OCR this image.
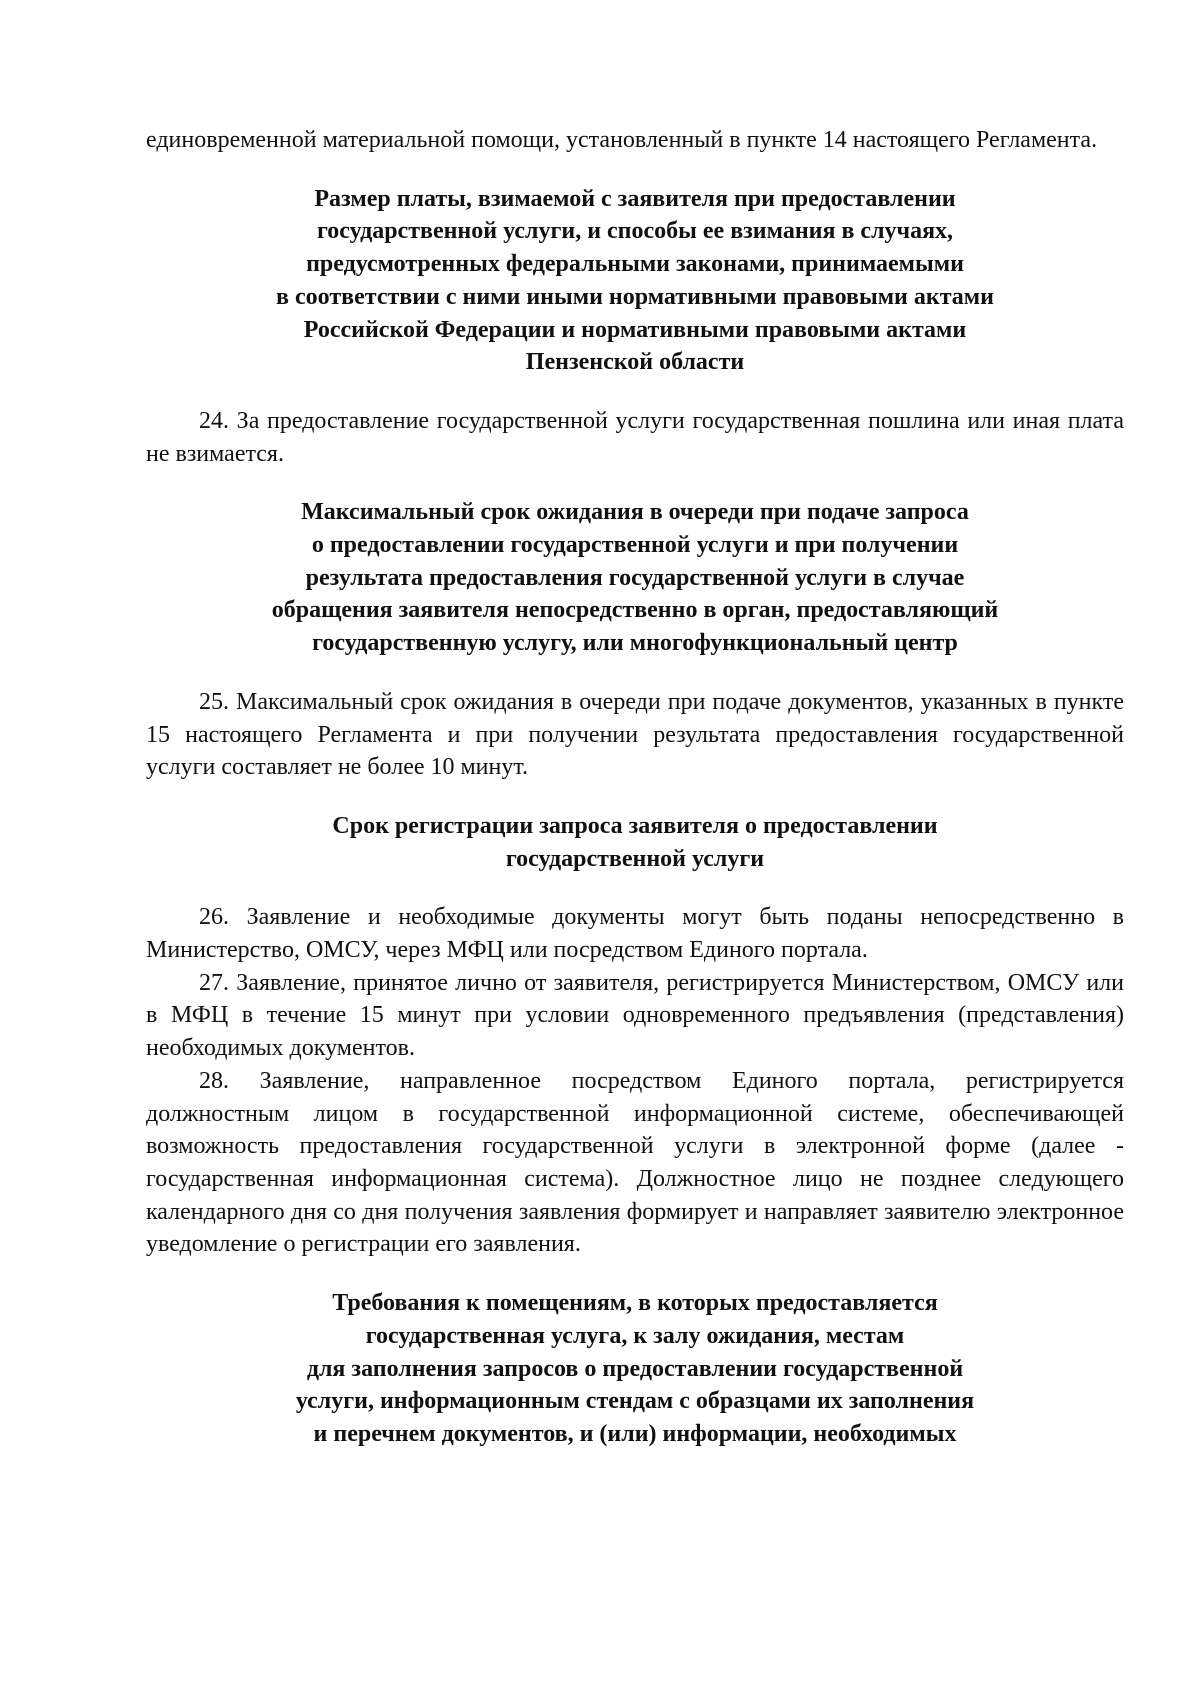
единовременной материальной помощи, установленный в пункте 14 настоящего Регламента.

Размер платы, взимаемой с заявителя при предоставлении
государственной услуги, и способы ее взимания в случаях,
предусмотренных федеральными законами, принимаемыми
в соответствии с ними иными нормативными правовыми актами
Российской Федерации и нормативными правовыми актами
Пензенской области

24. За предоставление государственной услуги государственная пошлина или иная плата не взимается.

Максимальный срок ожидания в очереди при подаче запроса
о предоставлении государственной услуги и при получении
результата предоставления государственной услуги в случае
обращения заявителя непосредственно в орган, предоставляющий
государственную услугу, или многофункциональный центр

25. Максимальный срок ожидания в очереди при подаче документов, указанных в пункте 15 настоящего Регламента и при получении результата предоставления государственной услуги составляет не более 10 минут.

Срок регистрации запроса заявителя о предоставлении
государственной услуги

26. Заявление и необходимые документы могут быть поданы непосредственно в Министерство, ОМСУ, через МФЦ или посредством Единого портала.

27. Заявление, принятое лично от заявителя, регистрируется Министерством, ОМСУ или в МФЦ в течение 15 минут при условии одновременного предъявления (представления) необходимых документов.

28. Заявление, направленное посредством Единого портала, регистрируется должностным лицом в государственной информационной системе, обеспечивающей возможность предоставления государственной услуги в электронной форме (далее - государственная информационная система). Должностное лицо не позднее следующего календарного дня со дня получения заявления формирует и направляет заявителю электронное уведомление о регистрации его заявления.

Требования к помещениям, в которых предоставляется
государственная услуга, к залу ожидания, местам
для заполнения запросов о предоставлении государственной
услуги, информационным стендам с образцами их заполнения
и перечнем документов, и (или) информации, необходимых
